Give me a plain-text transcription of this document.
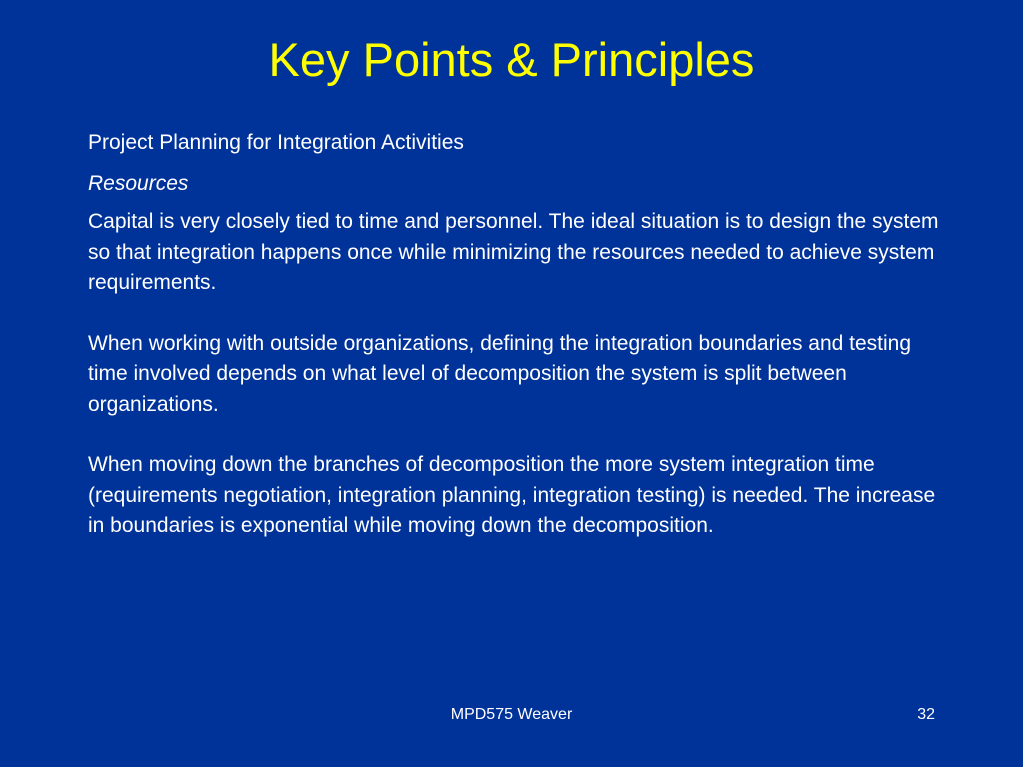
Key Points & Principles

Project Planning for Integration Activities

Resources

Capital is very closely tied to time and personnel. The ideal situation is to design the system so that integration happens once while minimizing the resources needed to achieve system requirements.

When working with outside organizations, defining the integration boundaries and testing time involved depends on what level of decomposition the system is split between organizations.

When moving down the branches of decomposition the more system integration time (requirements negotiation, integration planning, integration testing) is needed. The increase in boundaries is exponential while moving down the decomposition.

MPD575 Weaver	32
